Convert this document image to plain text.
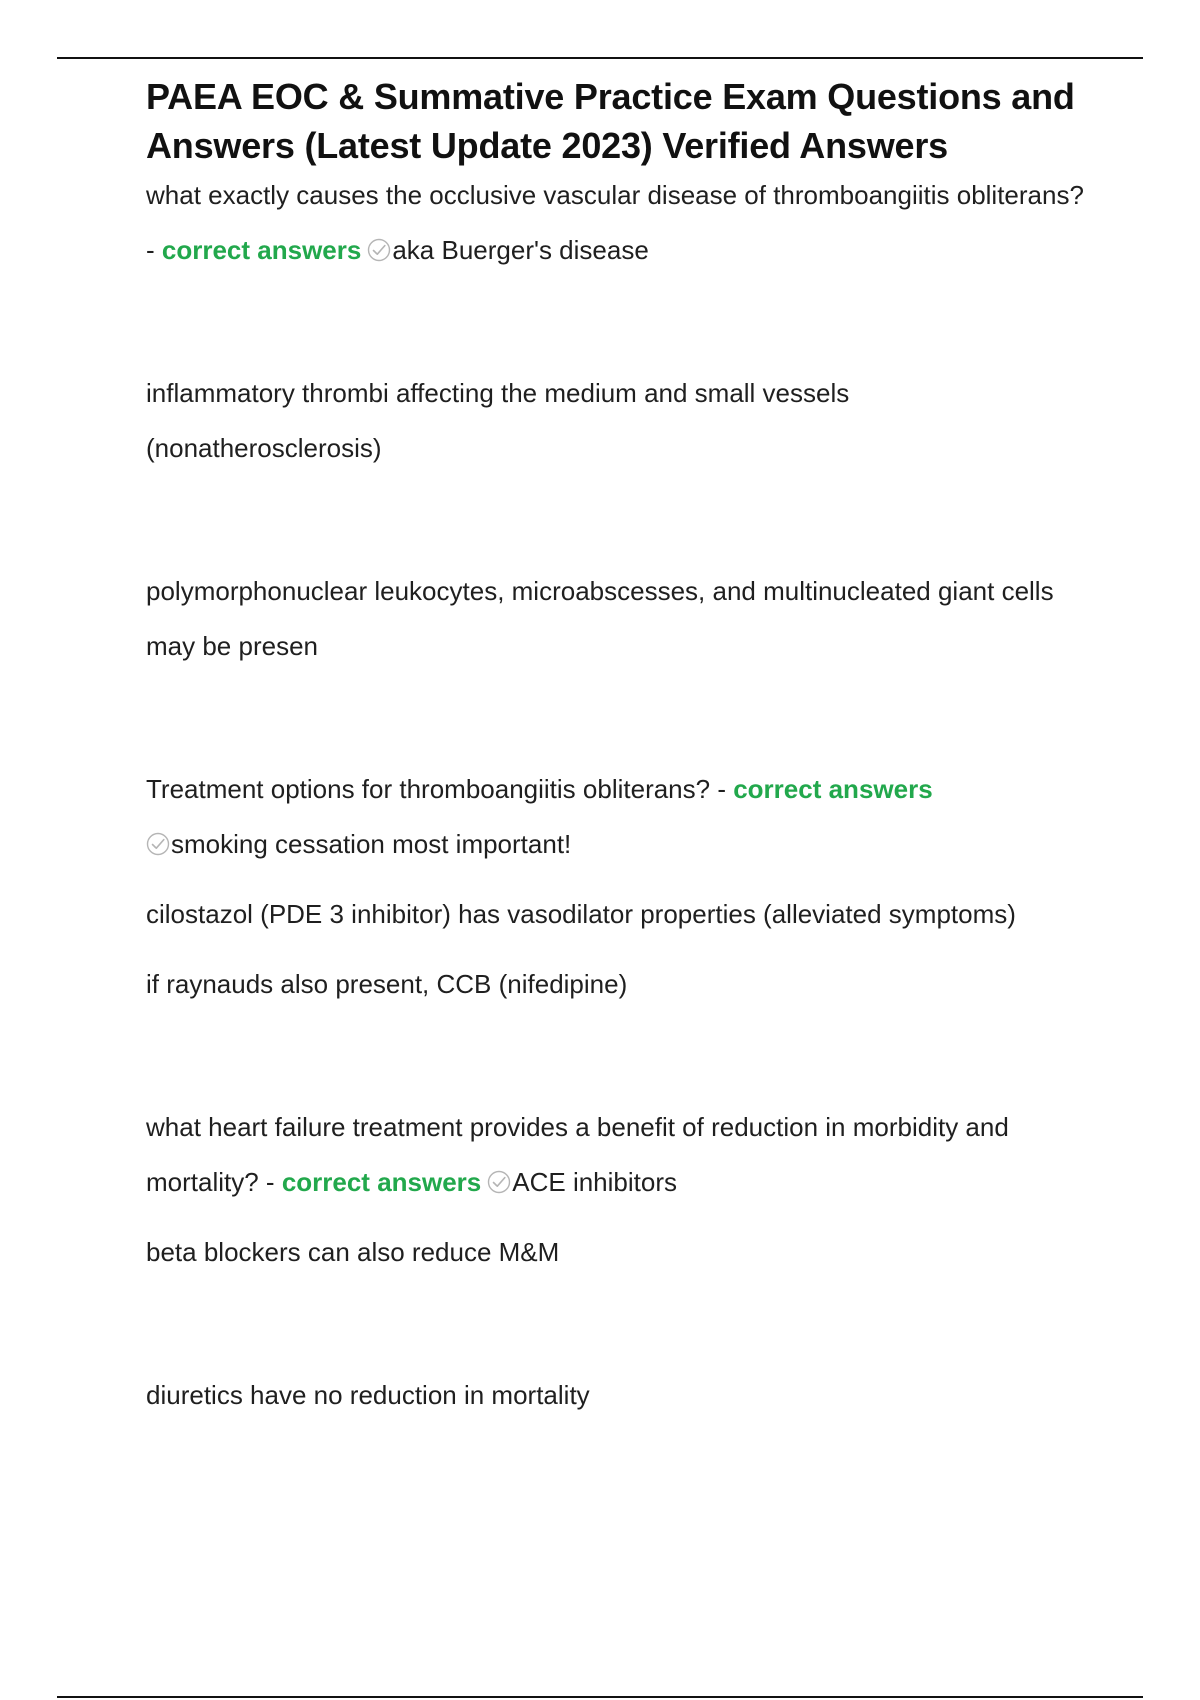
PAEA EOC & Summative Practice Exam Questions and Answers (Latest Update 2023) Verified Answers

what exactly causes the occlusive vascular disease of thromboangiitis obliterans? - correct answers aka Buerger's disease

inflammatory thrombi affecting the medium and small vessels (nonatherosclerosis)

polymorphonuclear leukocytes, microabscesses, and multinucleated giant cells may be presen

Treatment options for thromboangiitis obliterans? - correct answers

smoking cessation most important!

cilostazol (PDE 3 inhibitor) has vasodilator properties (alleviated symptoms)

if raynauds also present, CCB (nifedipine)

what heart failure treatment provides a benefit of reduction in morbidity and mortality? - correct answers ACE inhibitors

beta blockers can also reduce M&M

diuretics have no reduction in mortality
